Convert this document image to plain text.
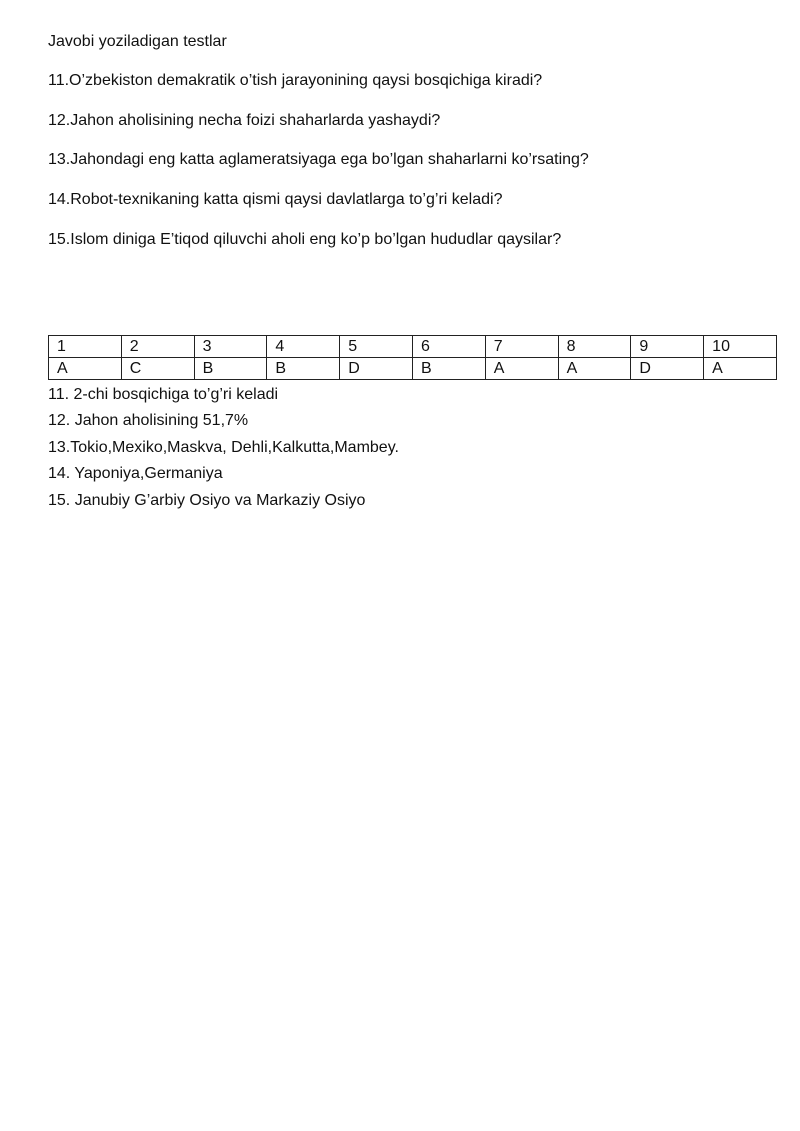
Javobi yoziladigan testlar
11.O’zbekiston demakratik o’tish jarayonining qaysi bosqichiga kiradi?
12.Jahon aholisining necha foizi shaharlarda yashaydi?
13.Jahondagi eng katta aglameratsiyaga ega bo’lgan shaharlarni ko’rsating?
14.Robot-texnikaning katta qismi qaysi davlatlarga to’g’ri keladi?
15.Islom diniga E’tiqod qiluvchi aholi eng ko’p bo’lgan hududlar qaysilar?
1	2	3	4	5	6	7	8	9	10
A	C	B	B	D	B	A	A	D	A
11. 2-chi bosqichiga to’g’ri keladi
12. Jahon aholisining 51,7%
13.Tokio,Mexiko,Maskva, Dehli,Kalkutta,Mambey.
14. Yaponiya,Germaniya
15. Janubiy G’arbiy Osiyo va Markaziy Osiyo
